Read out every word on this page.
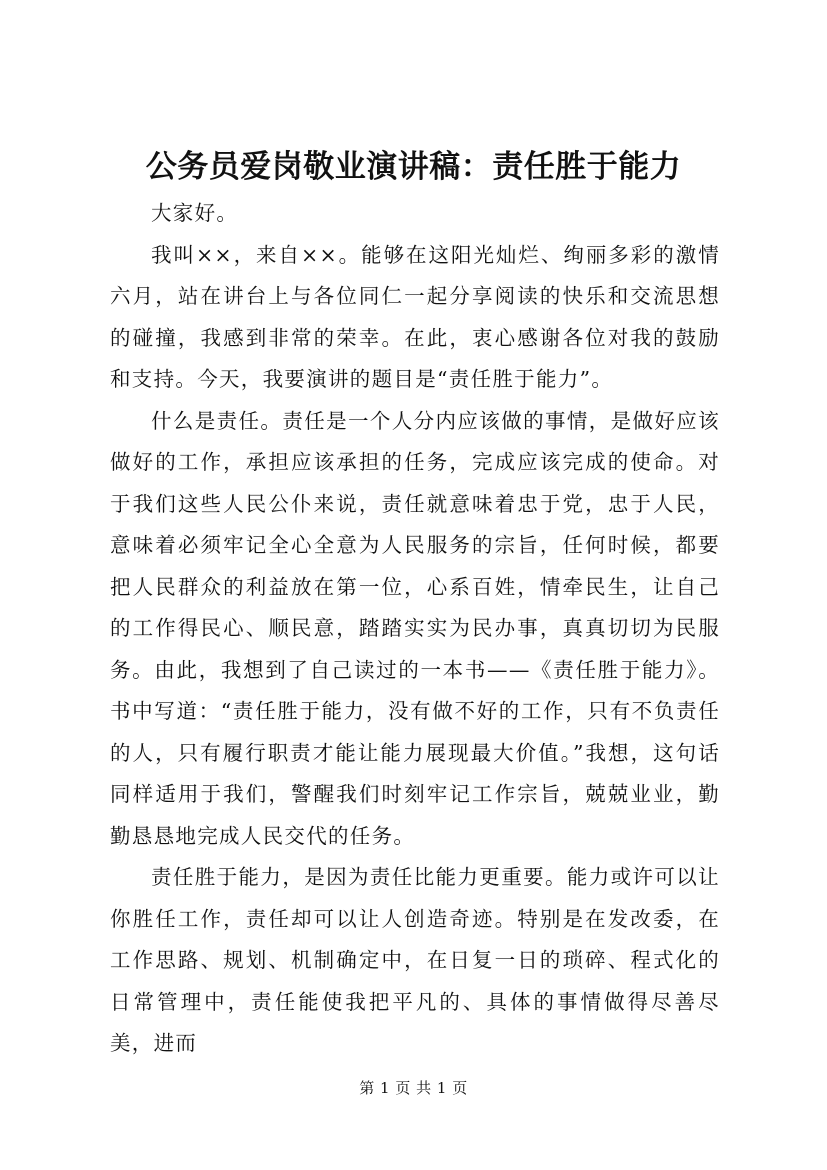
公务员爱岗敬业演讲稿：责任胜于能力

大家好。

我叫××，来自××。能够在这阳光灿烂、绚丽多彩的激情六月，站在讲台上与各位同仁一起分享阅读的快乐和交流思想的碰撞，我感到非常的荣幸。在此，衷心感谢各位对我的鼓励和支持。今天，我要演讲的题目是“责任胜于能力”。

什么是责任。责任是一个人分内应该做的事情，是做好应该做好的工作，承担应该承担的任务，完成应该完成的使命。对于我们这些人民公仆来说，责任就意味着忠于党，忠于人民，意味着必须牢记全心全意为人民服务的宗旨，任何时候，都要把人民群众的利益放在第一位，心系百姓，情牵民生，让自己的工作得民心、顺民意，踏踏实实为民办事，真真切切为民服务。由此，我想到了自己读过的一本书——《责任胜于能力》。书中写道：“责任胜于能力，没有做不好的工作，只有不负责任的人，只有履行职责才能让能力展现最大价值。”我想，这句话同样适用于我们，警醒我们时刻牢记工作宗旨，兢兢业业，勤勤恳恳地完成人民交代的任务。

责任胜于能力，是因为责任比能力更重要。能力或许可以让你胜任工作，责任却可以让人创造奇迹。特别是在发改委，在工作思路、规划、机制确定中，在日复一日的琐碎、程式化的日常管理中，责任能使我把平凡的、具体的事情做得尽善尽美，进而

第 1 页 共 1 页
